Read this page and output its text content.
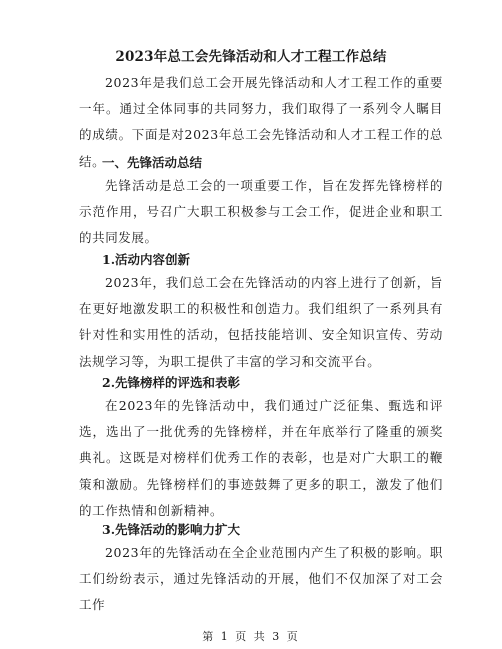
2023年总工会先锋活动和人才工程工作总结

2023年是我们总工会开展先锋活动和人才工程工作的重要一年。通过全体同事的共同努力，我们取得了一系列令人瞩目的成绩。下面是对2023年总工会先锋活动和人才工程工作的总结。

一、先锋活动总结

先锋活动是总工会的一项重要工作，旨在发挥先锋榜样的示范作用，号召广大职工积极参与工会工作，促进企业和职工的共同发展。

1.活动内容创新

2023年，我们总工会在先锋活动的内容上进行了创新，旨在更好地激发职工的积极性和创造力。我们组织了一系列具有针对性和实用性的活动，包括技能培训、安全知识宣传、劳动法规学习等，为职工提供了丰富的学习和交流平台。

2.先锋榜样的评选和表彰

在2023年的先锋活动中，我们通过广泛征集、甄选和评选，选出了一批优秀的先锋榜样，并在年底举行了隆重的颁奖典礼。这既是对榜样们优秀工作的表彰，也是对广大职工的鞭策和激励。先锋榜样们的事迹鼓舞了更多的职工，激发了他们的工作热情和创新精神。

3.先锋活动的影响力扩大

2023年的先锋活动在全企业范围内产生了积极的影响。职工们纷纷表示，通过先锋活动的开展，他们不仅加深了对工会工作

第 1 页 共 3 页
